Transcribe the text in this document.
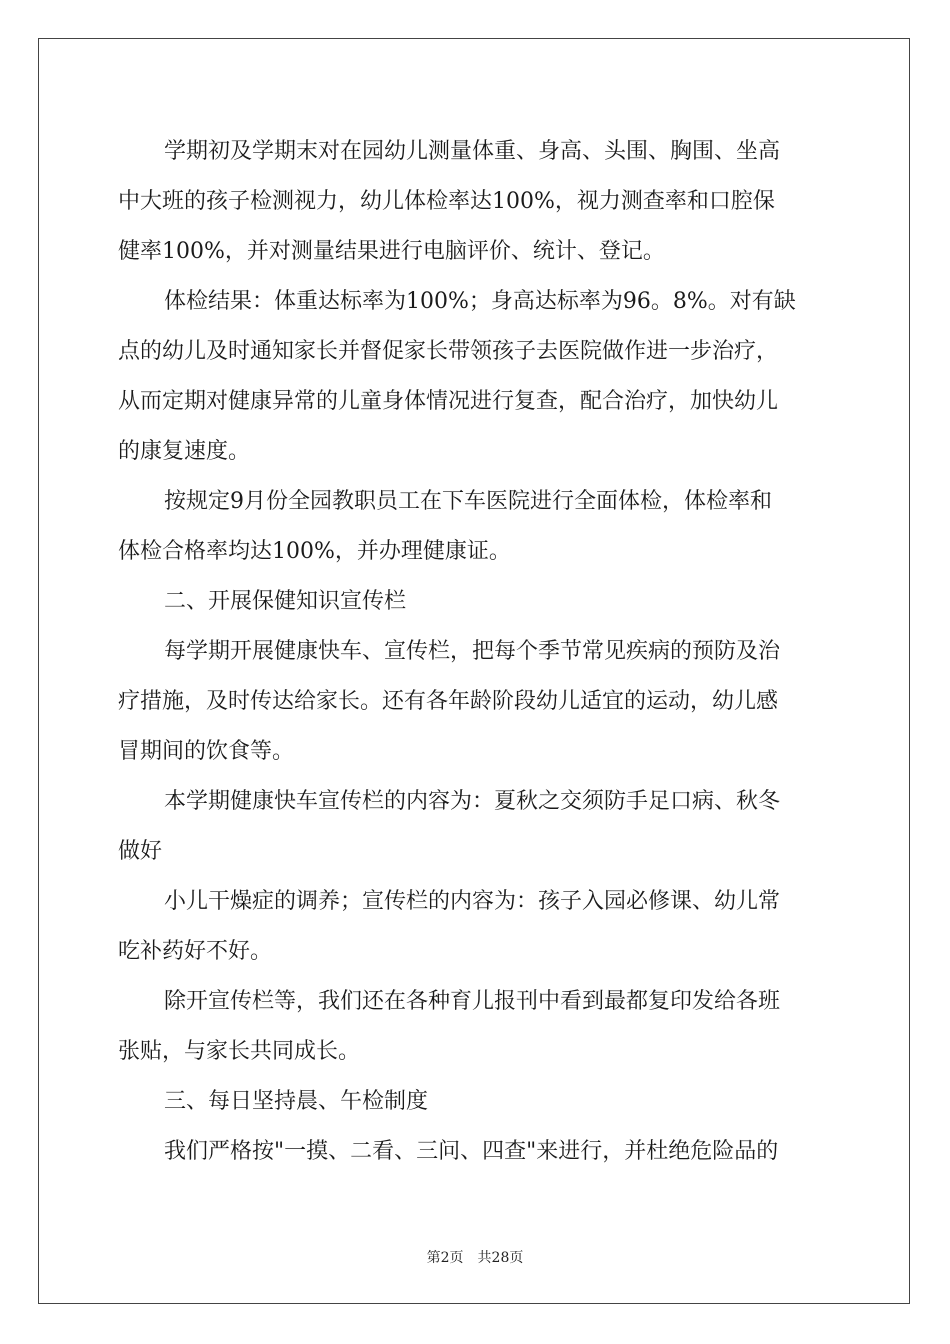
学期初及学期末对在园幼儿测量体重、身高、头围、胸围、坐高
中大班的孩子检测视力，幼儿体检率达100%，视力测查率和口腔保
健率100%，并对测量结果进行电脑评价、统计、登记。
体检结果：体重达标率为100%；身高达标率为96。8%。对有缺
点的幼儿及时通知家长并督促家长带领孩子去医院做作进一步治疗，
从而定期对健康异常的儿童身体情况进行复查，配合治疗，加快幼儿
的康复速度。
按规定9月份全园教职员工在下车医院进行全面体检，体检率和
体检合格率均达100%，并办理健康证。
二、开展保健知识宣传栏
每学期开展健康快车、宣传栏，把每个季节常见疾病的预防及治
疗措施，及时传达给家长。还有各年龄阶段幼儿适宜的运动，幼儿感
冒期间的饮食等。
本学期健康快车宣传栏的内容为：夏秋之交须防手足口病、秋冬
做好
小儿干燥症的调养；宣传栏的内容为：孩子入园必修课、幼儿常
吃补药好不好。
除开宣传栏等，我们还在各种育儿报刊中看到最都复印发给各班
张贴，与家长共同成长。
三、每日坚持晨、午检制度
我们严格按"一摸、二看、三问、四查"来进行，并杜绝危险品的
第2页　共28页
